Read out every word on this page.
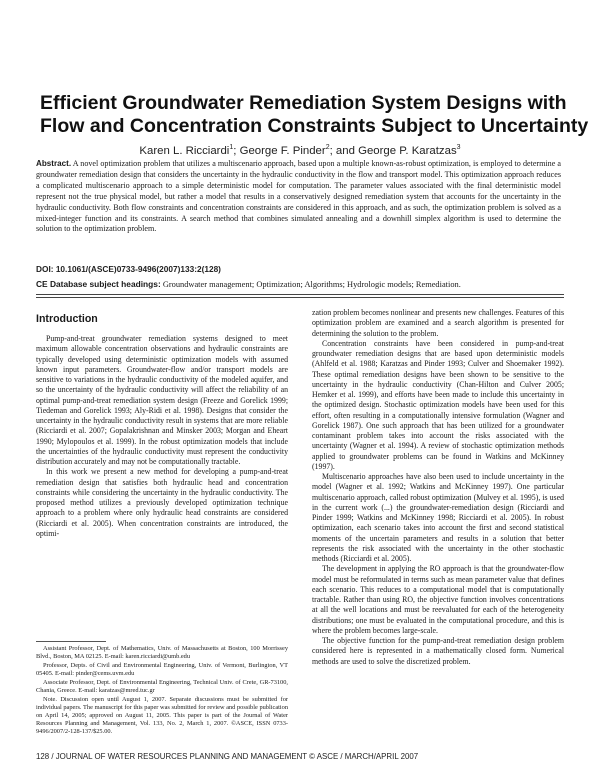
Efficient Groundwater Remediation System Designs with
Flow and Concentration Constraints Subject to Uncertainty
Karen L. Ricciardi$^1$; George F. Pinder$^2$; and George P. Karatzas$^3$

Abstract. A novel optimization problem that utilizes a multiscenario approach, based upon a multiple known-as-robust optimization, is employed to determine a groundwater remediation design that considers the uncertainty in the hydraulic conductivity in the flow and transport model. This optimization approach reduces a complicated multiscenario approach to a simple deterministic model for computation. The parameter values associated with the final deterministic model represent not the true physical model, but rather a model that results in a conservatively designed remediation system that accounts for the uncertainty in the hydraulic conductivity. Both flow constraints and concentration constraints are considered in this approach, and as such, the optimization problem is solved as a mixed-integer function and its constraints. A search method that combines simulated annealing and a downhill simplex algorithm is used to determine the solution to the optimization problem.

DOI: 10.1061/(ASCE)0733-9496(2007)133:2(128)
CE Database subject headings: Groundwater management; Optimization; Algorithms; Hydrologic models; Remediation.
Introduction

Pump-and-treat groundwater remediation systems designed to meet maximum allowable concentration observations and hydraulic constraints are typically developed using deterministic optimization models with assumed known input parameters. Groundwater-flow and/or transport models are sensitive to variations in the hydraulic conductivity of the modeled aquifer, and so the uncertainty of the hydraulic conductivity will affect the reliability of an optimal pump-and-treat remediation system design (Freeze and Gorelick 1999; Tiedeman and Gorelick 1993; Aly-Ridi et al. 1998). Designs that consider the uncertainty in the hydraulic conductivity result in systems that are more reliable (Ricciardi et al. 2007; Gopalakrishnan and Minsker 2003; Morgan and Eheart 1990; Mylopoulos et al. 1999). In the robust optimization models that include the uncertainties of the hydraulic conductivity must represent the conductivity distribution accurately and may not be computationally tractable.

In this work we present a new method for developing a pump-and-treat remediation design that satisfies both hydraulic head and concentration constraints while considering the uncertainty in the hydraulic conductivity. The proposed method utilizes a previously developed optimization technique approach to a problem where only hydraulic head constraints are considered (Ricciardi et al. 2005). When concentration constraints are introduced, the optimi-

Assistant Professor, Dept. of Mathematics, Univ. of Massachusetts at Boston, 100 Morrissey Blvd., Boston, MA 02125. E-mail: karen.ricciardi@umb.edu

Professor, Depts. of Civil and Environmental Engineering, Univ. of Vermont, Burlington, VT 05405. E-mail: pinder@cems.uvm.edu

Associate Professor, Dept. of Environmental Engineering, Technical Univ. of Crete, GR-73100, Chania, Greece. E-mail: karatzas@mred.tuc.gr

Note. Discussion open until August 1, 2007. Separate discussions must be submitted for individual papers. The manuscript for this paper was submitted for review and possible publication on April 14, 2005; approved on August 11, 2005. This paper is part of the Journal of Water Resources Planning and Management, Vol. 133, No. 2, March 1, 2007. ©ASCE, ISSN 0733-9496/2007/2-128-137/$25.00.

zation problem becomes nonlinear and presents new challenges. Features of this optimization problem are examined and a search algorithm is presented for determining the solution to the problem.

Concentration constraints have been considered in pump-and-treat groundwater remediation designs that are based upon deterministic models (Ahlfeld et al. 1988; Karatzas and Pinder 1993; Culver and Shoemaker 1992). These optimal remediation designs have been shown to be sensitive to the uncertainty in the hydraulic conductivity (Chan-Hilton and Culver 2005; Hemker et al. 1999), and efforts have been made to include this uncertainty in the optimized design. Stochastic optimization models have been used for this effort, often resulting in a computationally intensive formulation (Wagner and Gorelick 1987). One such approach that has been utilized for a groundwater contaminant problem takes into account the risks associated with the uncertainty (Wagner et al. 1994). A review of stochastic optimization methods applied to groundwater problems can be found in Watkins and McKinney (1997).

Multiscenario approaches have also been used to include uncertainty in the model (Wagner et al. 1992; Watkins and McKinney 1997). One particular multiscenario approach, called robust optimization (Mulvey et al. 1995), is used in the current work (...) the groundwater-remediation design (Ricciardi and Pinder 1999; Watkins and McKinney 1998; Ricciardi et al. 2005). In robust optimization, each scenario takes into account the first and second statistical moments of the uncertain parameters and results in a solution that better represents the risk associated with the uncertainty in the other stochastic methods (Ricciardi et al. 2005).

The development in applying the RO approach is that the groundwater-flow model must be reformulated in terms such as mean parameter value that defines each scenario. This reduces to a computational model that is computationally tractable. Rather than using RO, the objective function involves concentrations at all the well locations and must be reevaluated for each of the heterogeneity distributions; one must be evaluated in the computational procedure, and this is where the problem becomes large-scale.

The objective function for the pump-and-treat remediation design problem considered here is represented in a mathematically closed form. Numerical methods are used to solve the discretized problem.

128 / JOURNAL OF WATER RESOURCES PLANNING AND MANAGEMENT © ASCE / MARCH/APRIL 2007
